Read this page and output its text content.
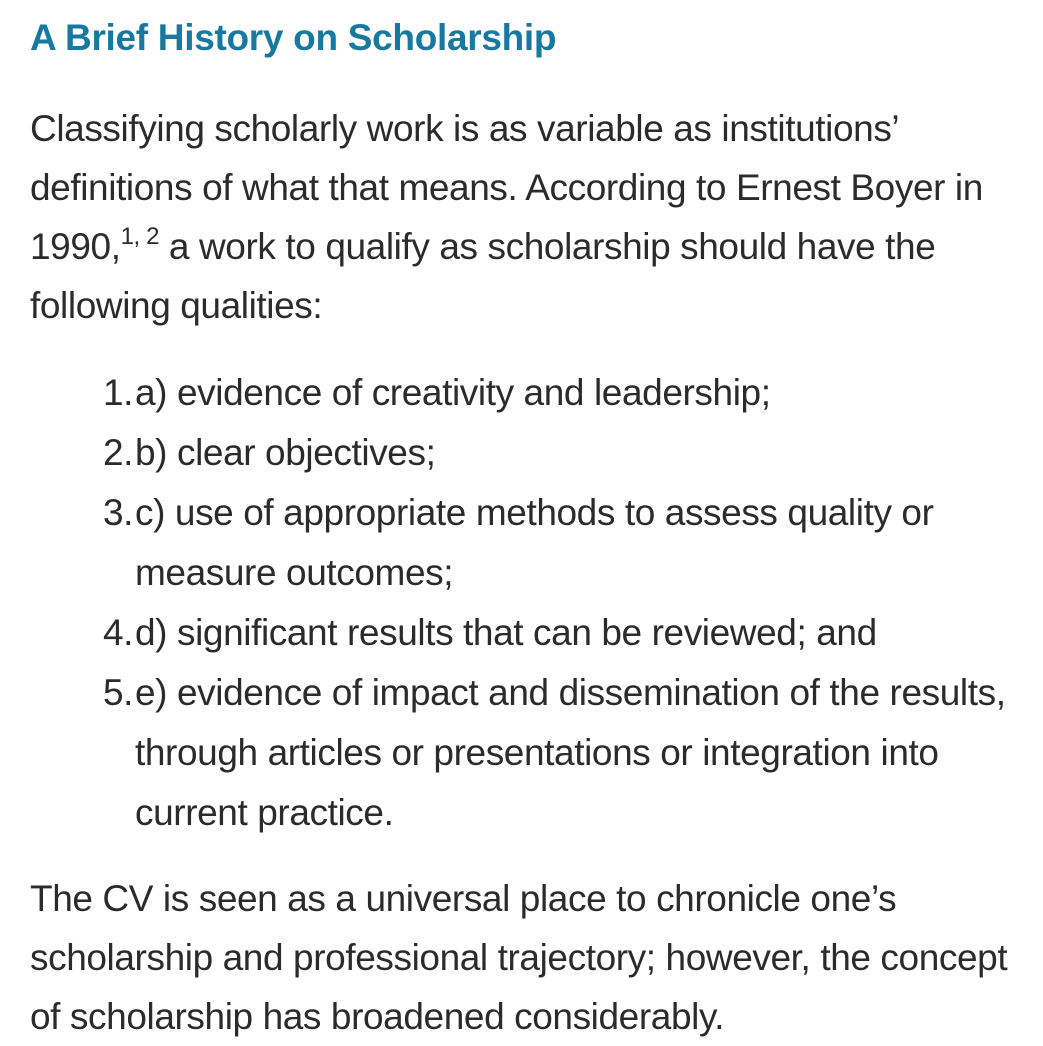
A Brief History on Scholarship

Classifying scholarly work is as variable as institutions’ definitions of what that means. According to Ernest Boyer in 1990,$^{1, 2}$ a work to qualify as scholarship should have the following qualities:

1. a) evidence of creativity and leadership;
2. b) clear objectives;
3. c) use of appropriate methods to assess quality or measure outcomes;
4. d) significant results that can be reviewed; and
5. e) evidence of impact and dissemination of the results, through articles or presentations or integration into current practice.

The CV is seen as a universal place to chronicle one’s scholarship and professional trajectory; however, the concept of scholarship has broadened considerably.
